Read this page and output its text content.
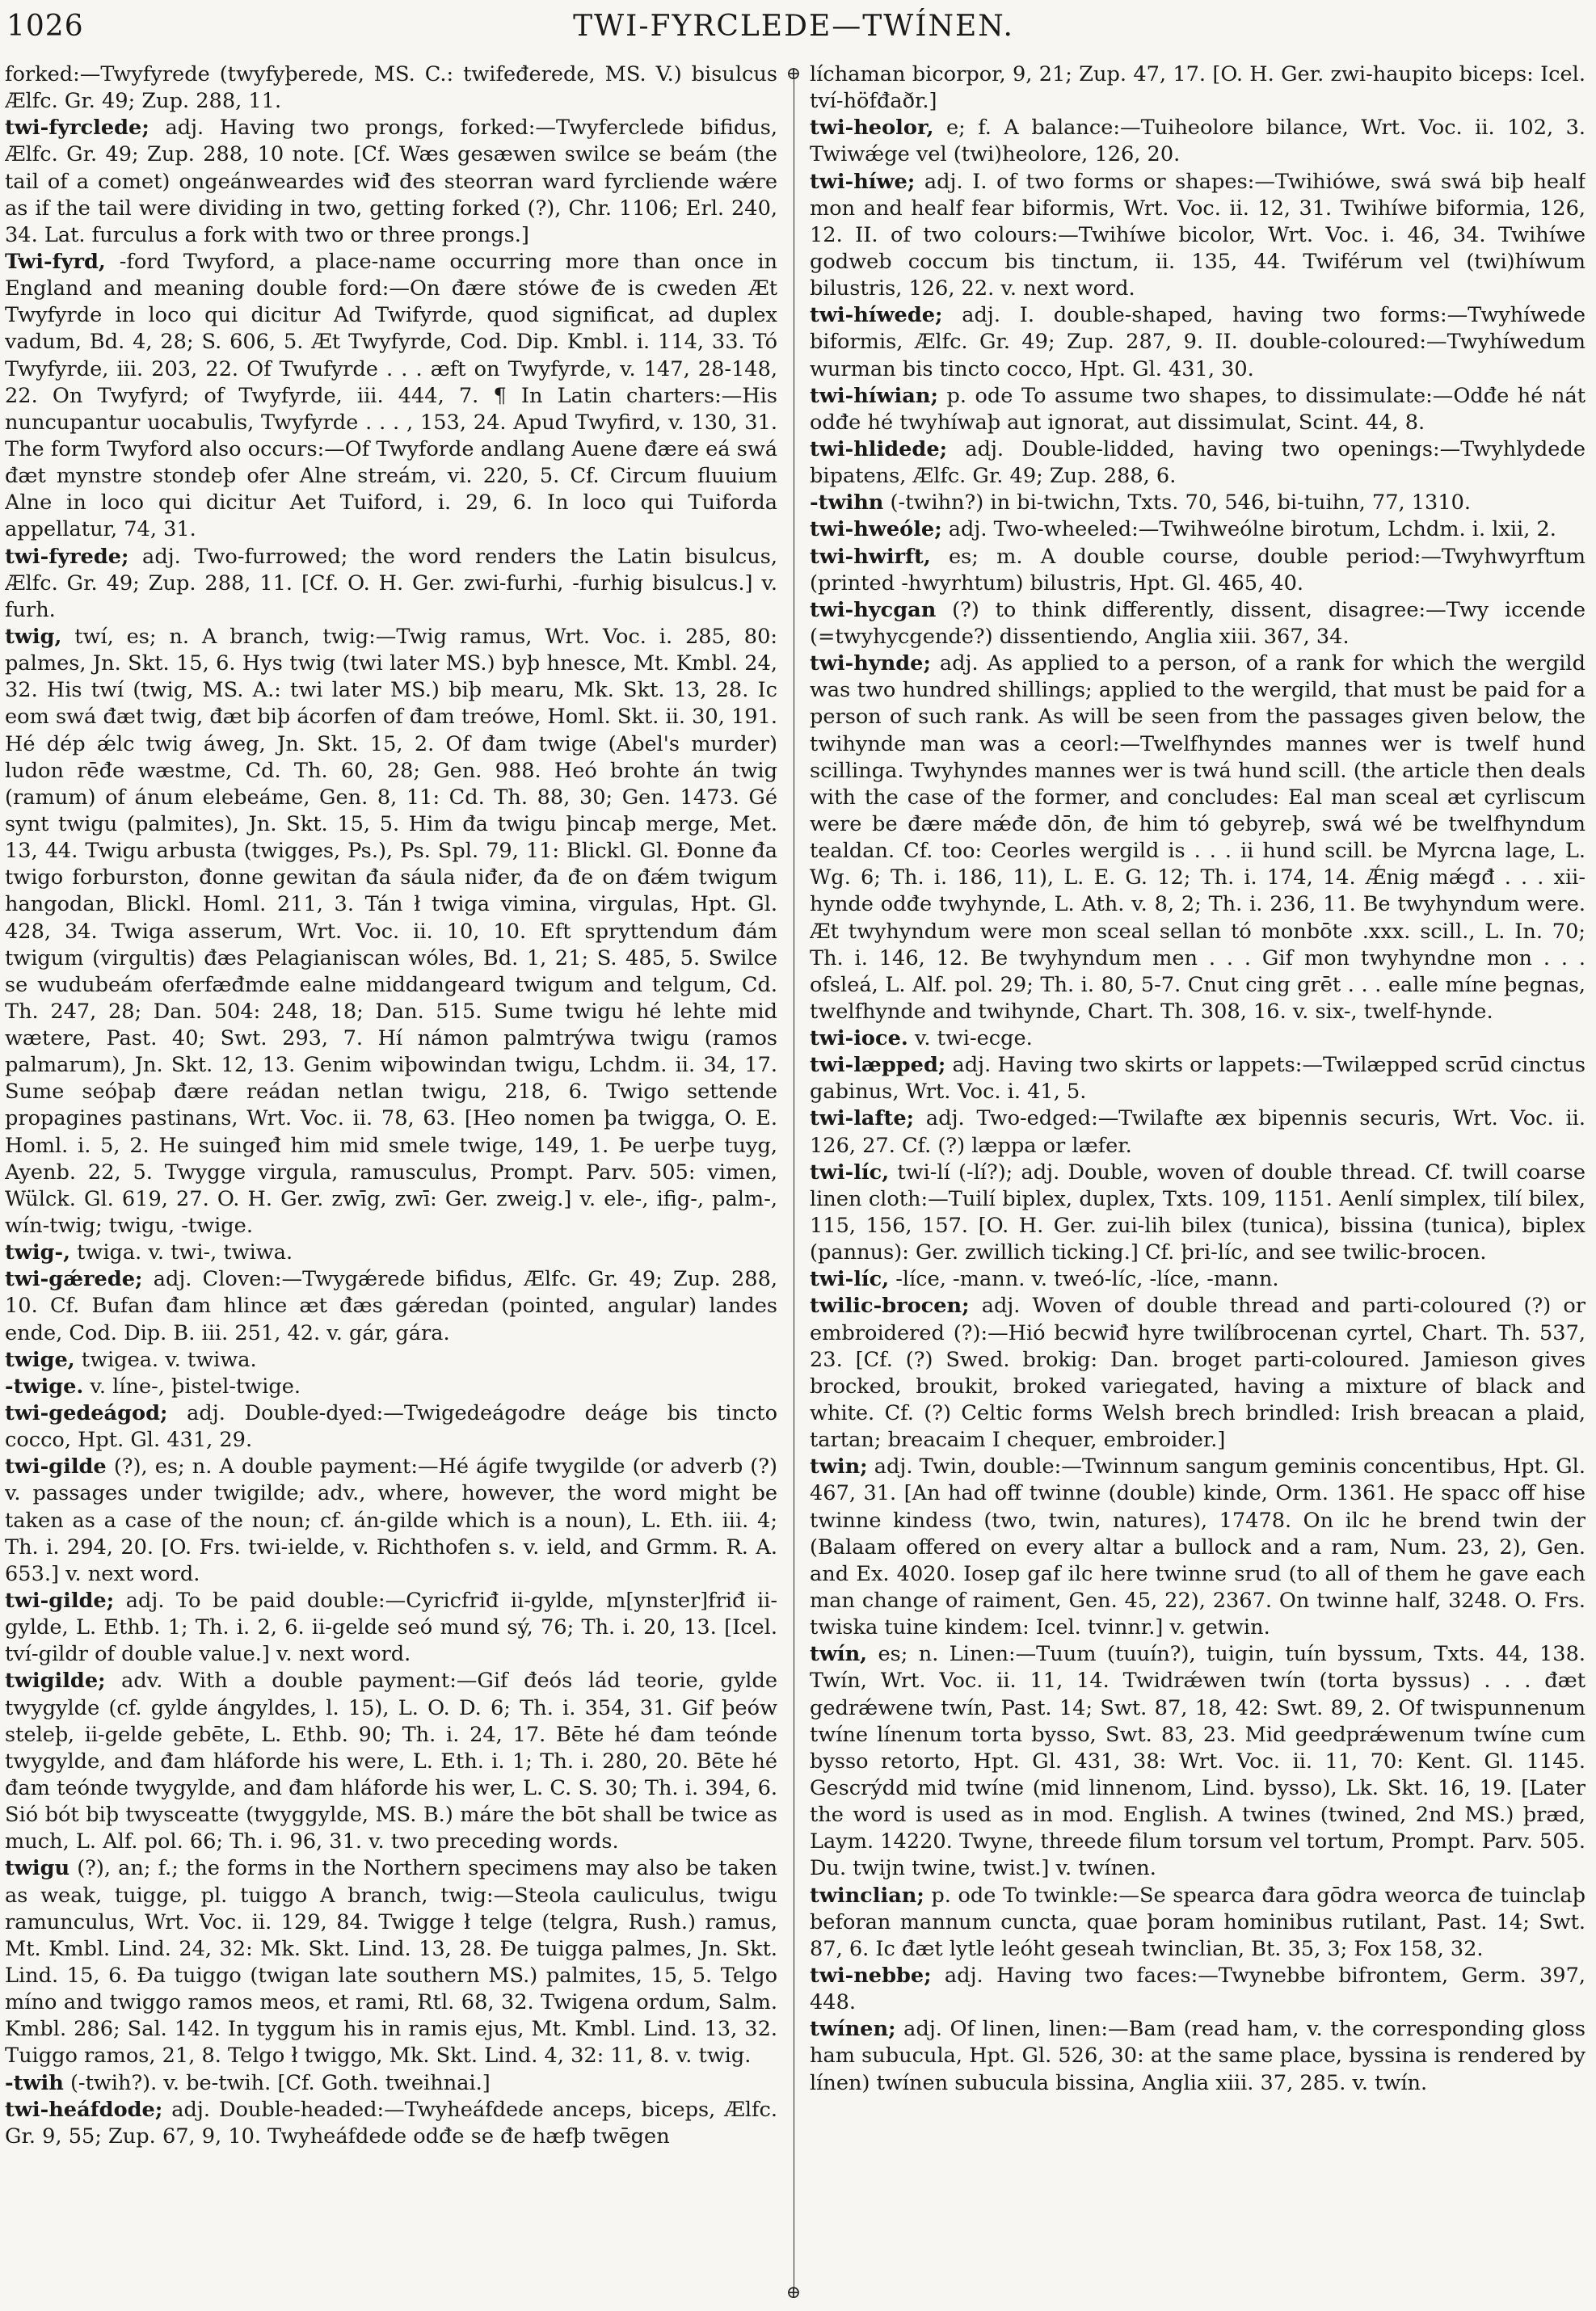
1026	TWI-FYRCLEDE—TWÍNEN.

forked:—Twyfyrede (twyfyþerede, MS. C.: twifeđerede, MS. V.) bisulcus Ælfc. Gr. 49; Zup. 288, 11.

twi-fyrclede; adj. Having two prongs, forked:—Twyferclede bifidus, Ælfc. Gr. 49; Zup. 288, 10 note. [Cf. Wæs gesæwen swilce se beám (the tail of a comet) ongeánweardes wiđ đes steorran ward fyrcliende wǽre as if the tail were dividing in two, getting forked (?), Chr. 1106; Erl. 240, 34. Lat. furculus a fork with two or three prongs.]

Twi-fyrd, -ford Twyford, a place-name occurring more than once in England and meaning double ford:—On đære stówe đe is cweden Æt Twyfyrde in loco qui dicitur Ad Twifyrde, quod significat, ad duplex vadum, Bd. 4, 28; S. 606, 5. Æt Twyfyrde, Cod. Dip. Kmbl. i. 114, 33. Tó Twyfyrde, iii. 203, 22. Of Twufyrde . . . æft on Twyfyrde, v. 147, 28-148, 22. On Twyfyrd; of Twyfyrde, iii. 444, 7. ¶ In Latin charters:—His nuncupantur uocabulis, Twyfyrde . . . , 153, 24. Apud Twyfird, v. 130, 31. The form Twyford also occurs:—Of Twyforde andlang Auene đære eá swá đæt mynstre stondeþ ofer Alne streám, vi. 220, 5. Cf. Circum fluuium Alne in loco qui dicitur Aet Tuiford, i. 29, 6. In loco qui Tuiforda appellatur, 74, 31.

twi-fyrede; adj. Two-furrowed; the word renders the Latin bisulcus, Ælfc. Gr. 49; Zup. 288, 11. [Cf. O. H. Ger. zwi-furhi, -furhig bisulcus.] v. furh.

twig, twí, es; n. A branch, twig:—Twig ramus, Wrt. Voc. i. 285, 80: palmes, Jn. Skt. 15, 6. Hys twig (twi later MS.) byþ hnesce, Mt. Kmbl. 24, 32. His twí (twig, MS. A.: twi later MS.) biþ mearu, Mk. Skt. 13, 28. Ic eom swá đæt twig, đæt biþ ácorfen of đam treówe, Homl. Skt. ii. 30, 191. Hé dép ǽlc twig áweg, Jn. Skt. 15, 2. Of đam twige (Abel's murder) ludon rēđe wæstme, Cd. Th. 60, 28; Gen. 988. Heó brohte án twig (ramum) of ánum elebeáme, Gen. 8, 11: Cd. Th. 88, 30; Gen. 1473. Gé synt twigu (palmites), Jn. Skt. 15, 5. Him đa twigu þincaþ merge, Met. 13, 44. Twigu arbusta (twigges, Ps.), Ps. Spl. 79, 11: Blickl. Gl. Đonne đa twigo forburston, đonne gewitan đa sáula niđer, đa đe on đǽm twigum hangodan, Blickl. Homl. 211, 3. Tán ł twiga vimina, virgulas, Hpt. Gl. 428, 34. Twiga asserum, Wrt. Voc. ii. 10, 10. Eft spryttendum đám twigum (virgultis) đæs Pelagianiscan wóles, Bd. 1, 21; S. 485, 5. Swilce se wudubeám oferfæđmde ealne middangeard twigum and telgum, Cd. Th. 247, 28; Dan. 504: 248, 18; Dan. 515. Sume twigu hé lehte mid wætere, Past. 40; Swt. 293, 7. Hí námon palmtrýwa twigu (ramos palmarum), Jn. Skt. 12, 13. Genim wiþowindan twigu, Lchdm. ii. 34, 17. Sume seóþaþ đære reádan netlan twigu, 218, 6. Twigo settende propagines pastinans, Wrt. Voc. ii. 78, 63. [Heo nomen þa twigga, O. E. Homl. i. 5, 2. He suingeđ him mid smele twige, 149, 1. Þe uerþe tuyg, Ayenb. 22, 5. Twygge virgula, ramusculus, Prompt. Parv. 505: vimen, Wülck. Gl. 619, 27. O. H. Ger. zwīg, zwī: Ger. zweig.] v. ele-, ifig-, palm-, wín-twig; twigu, -twige.

twig-, twiga. v. twi-, twiwa.

twi-gǽrede; adj. Cloven:—Twygǽrede bifidus, Ælfc. Gr. 49; Zup. 288, 10. Cf. Bufan đam hlince æt đæs gǽredan (pointed, angular) landes ende, Cod. Dip. B. iii. 251, 42. v. gár, gára.

twige, twigea. v. twiwa.

-twige. v. líne-, þistel-twige.

twi-gedeágod; adj. Double-dyed:—Twigedeágodre deáge bis tincto cocco, Hpt. Gl. 431, 29.

twi-gilde (?), es; n. A double payment:—Hé ágife twygilde (or adverb (?) v. passages under twigilde; adv., where, however, the word might be taken as a case of the noun; cf. án-gilde which is a noun), L. Eth. iii. 4; Th. i. 294, 20. [O. Frs. twi-ielde, v. Richthofen s. v. ield, and Grmm. R. A. 653.] v. next word.

twi-gilde; adj. To be paid double:—Cyricfriđ ii-gylde, m[ynster]friđ ii-gylde, L. Ethb. 1; Th. i. 2, 6. ii-gelde seó mund sý, 76; Th. i. 20, 13. [Icel. tví-gildr of double value.] v. next word.

twigilde; adv. With a double payment:—Gif đeós lád teorie, gylde twygylde (cf. gylde ángyldes, l. 15), L. O. D. 6; Th. i. 354, 31. Gif þeów steleþ, ii-gelde gebēte, L. Ethb. 90; Th. i. 24, 17. Bēte hé đam teónde twygylde, and đam hláforde his were, L. Eth. i. 1; Th. i. 280, 20. Bēte hé đam teónde twygylde, and đam hláforde his wer, L. C. S. 30; Th. i. 394, 6. Sió bót biþ twysceatte (twyggylde, MS. B.) máre the bōt shall be twice as much, L. Alf. pol. 66; Th. i. 96, 31. v. two preceding words.

twigu (?), an; f.; the forms in the Northern specimens may also be taken as weak, tuigge, pl. tuiggo A branch, twig:—Steola cauliculus, twigu ramunculus, Wrt. Voc. ii. 129, 84. Twigge ł telge (telgra, Rush.) ramus, Mt. Kmbl. Lind. 24, 32: Mk. Skt. Lind. 13, 28. Đe tuigga palmes, Jn. Skt. Lind. 15, 6. Đa tuiggo (twigan late southern MS.) palmites, 15, 5. Telgo míno and twiggo ramos meos, et rami, Rtl. 68, 32. Twigena ordum, Salm. Kmbl. 286; Sal. 142. In tyggum his in ramis ejus, Mt. Kmbl. Lind. 13, 32. Tuiggo ramos, 21, 8. Telgo ł twiggo, Mk. Skt. Lind. 4, 32: 11, 8. v. twig.

-twih (-twih?). v. be-twih. [Cf. Goth. tweihnai.]

twi-heáfdode; adj. Double-headed:—Twyheáfdede anceps, biceps, Ælfc. Gr. 9, 55; Zup. 67, 9, 10. Twyheáfdede odđe se đe hæfþ twēgen

⊕
⊕

líchaman bicorpor, 9, 21; Zup. 47, 17. [O. H. Ger. zwi-haupito biceps: Icel. tví-höfđaðr.]

twi-heolor, e; f. A balance:—Tuiheolore bilance, Wrt. Voc. ii. 102, 3. Twiwǽge vel (twi)heolore, 126, 20.

twi-híwe; adj. I. of two forms or shapes:—Twihiówe, swá swá biþ healf mon and healf fear biformis, Wrt. Voc. ii. 12, 31. Twihíwe biformia, 126, 12. II. of two colours:—Twihíwe bicolor, Wrt. Voc. i. 46, 34. Twihíwe godweb coccum bis tinctum, ii. 135, 44. Twiférum vel (twi)híwum bilustris, 126, 22. v. next word.

twi-híwede; adj. I. double-shaped, having two forms:—Twyhíwede biformis, Ælfc. Gr. 49; Zup. 287, 9. II. double-coloured:—Twyhíwedum wurman bis tincto cocco, Hpt. Gl. 431, 30.

twi-híwian; p. ode To assume two shapes, to dissimulate:—Odđe hé nát odđe hé twyhíwaþ aut ignorat, aut dissimulat, Scint. 44, 8.

twi-hlidede; adj. Double-lidded, having two openings:—Twyhlydede bipatens, Ælfc. Gr. 49; Zup. 288, 6.

-twihn (-twihn?) in bi-twichn, Txts. 70, 546, bi-tuihn, 77, 1310.

twi-hweóle; adj. Two-wheeled:—Twihweólne birotum, Lchdm. i. lxii, 2.

twi-hwirft, es; m. A double course, double period:—Twyhwyrftum (printed -hwyrhtum) bilustris, Hpt. Gl. 465, 40.

twi-hycgan (?) to think differently, dissent, disagree:—Twy iccende (=twyhycgende?) dissentiendo, Anglia xiii. 367, 34.

twi-hynde; adj. As applied to a person, of a rank for which the wergild was two hundred shillings; applied to the wergild, that must be paid for a person of such rank. As will be seen from the passages given below, the twihynde man was a ceorl:—Twelfhyndes mannes wer is twelf hund scillinga. Twyhyndes mannes wer is twá hund scill. (the article then deals with the case of the former, and concludes: Eal man sceal æt cyrliscum were be đære mǽđe dōn, đe him tó gebyreþ, swá wé be twelfhyndum tealdan. Cf. too: Ceorles wergild is . . . ii hund scill. be Myrcna lage, L. Wg. 6; Th. i. 186, 11), L. E. G. 12; Th. i. 174, 14. Ǽnig mǽgđ . . . xii-hynde odđe twyhynde, L. Ath. v. 8, 2; Th. i. 236, 11. Be twyhyndum were. Æt twyhyndum were mon sceal sellan tó monbōte .xxx. scill., L. In. 70; Th. i. 146, 12. Be twyhyndum men . . . Gif mon twyhyndne mon . . . ofsleá, L. Alf. pol. 29; Th. i. 80, 5-7. Cnut cing grēt . . . ealle míne þegnas, twelfhynde and twihynde, Chart. Th. 308, 16. v. six-, twelf-hynde.

twi-ioce. v. twi-ecge.

twi-læpped; adj. Having two skirts or lappets:—Twilæpped scrūd cinctus gabinus, Wrt. Voc. i. 41, 5.

twi-lafte; adj. Two-edged:—Twilafte æx bipennis securis, Wrt. Voc. ii. 126, 27. Cf. (?) læppa or læfer.

twi-líc, twi-lí (-lí?); adj. Double, woven of double thread. Cf. twill coarse linen cloth:—Tuilí biplex, duplex, Txts. 109, 1151. Aenlí simplex, tilí bilex, 115, 156, 157. [O. H. Ger. zui-lih bilex (tunica), bissina (tunica), biplex (pannus): Ger. zwillich ticking.] Cf. þri-líc, and see twilic-brocen.

twi-líc, -líce, -mann. v. tweó-líc, -líce, -mann.

twilic-brocen; adj. Woven of double thread and parti-coloured (?) or embroidered (?):—Hió becwiđ hyre twilíbrocenan cyrtel, Chart. Th. 537, 23. [Cf. (?) Swed. brokig: Dan. broget parti-coloured. Jamieson gives brocked, broukit, broked variegated, having a mixture of black and white. Cf. (?) Celtic forms Welsh brech brindled: Irish breacan a plaid, tartan; breacaim I chequer, embroider.]

twin; adj. Twin, double:—Twinnum sangum geminis concentibus, Hpt. Gl. 467, 31. [An had off twinne (double) kinde, Orm. 1361. He spacc off hise twinne kindess (two, twin, natures), 17478. On ilc he brend twin der (Balaam offered on every altar a bullock and a ram, Num. 23, 2), Gen. and Ex. 4020. Iosep gaf ilc here twinne srud (to all of them he gave each man change of raiment, Gen. 45, 22), 2367. On twinne half, 3248. O. Frs. twiska tuine kindem: Icel. tvinnr.] v. getwin.

twín, es; n. Linen:—Tuum (tuuín?), tuigin, tuín byssum, Txts. 44, 138. Twín, Wrt. Voc. ii. 11, 14. Twidrǽwen twín (torta byssus) . . . đæt gedrǽwene twín, Past. 14; Swt. 87, 18, 42: Swt. 89, 2. Of twispunnenum twíne línenum torta bysso, Swt. 83, 23. Mid geedprǽwenum twíne cum bysso retorto, Hpt. Gl. 431, 38: Wrt. Voc. ii. 11, 70: Kent. Gl. 1145. Gescrýdd mid twíne (mid linnenom, Lind. bysso), Lk. Skt. 16, 19. [Later the word is used as in mod. English. A twines (twined, 2nd MS.) þræd, Laym. 14220. Twyne, threede filum torsum vel tortum, Prompt. Parv. 505. Du. twijn twine, twist.] v. twínen.

twinclian; p. ode To twinkle:—Se spearca đara gōdra weorca đe tuinclaþ beforan mannum cuncta, quae þoram hominibus rutilant, Past. 14; Swt. 87, 6. Ic đæt lytle leóht geseah twinclian, Bt. 35, 3; Fox 158, 32.

twi-nebbe; adj. Having two faces:—Twynebbe bifrontem, Germ. 397, 448.

twínen; adj. Of linen, linen:—Bam (read ham, v. the corresponding gloss ham subucula, Hpt. Gl. 526, 30: at the same place, byssina is rendered by línen) twínen subucula bissina, Anglia xiii. 37, 285. v. twín.
